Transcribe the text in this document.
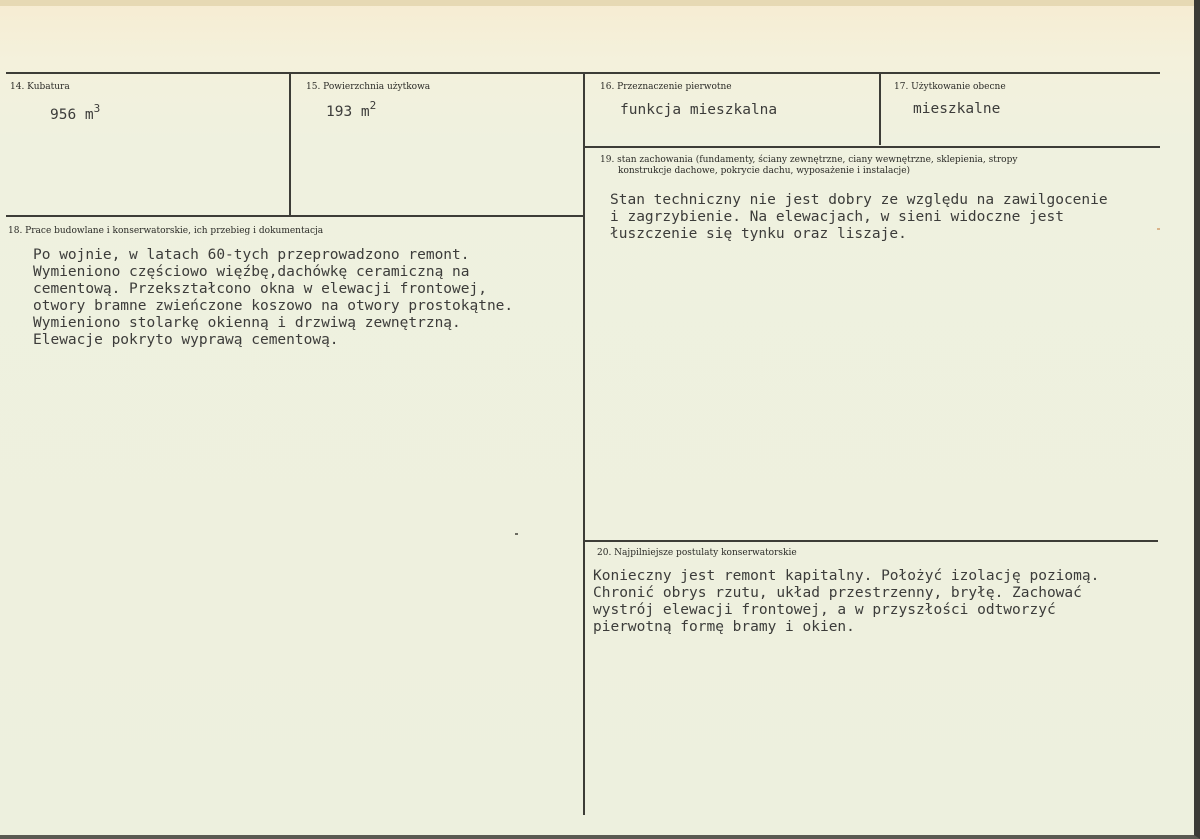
14. Kubatura
956 $m^3$
15. Powierzchnia użytkowa
193 $m^2$
16. Przeznaczenie pierwotne
funkcja mieszkalna
17. Użytkowanie obecne
mieszkalne
18. Prace budowlane i konserwatorskie, ich przebieg i dokumentacja
Po wojnie, w latach 60-tych przeprowadzono remont.
Wymieniono częściowo więźbę,dachówkę ceramiczną na
cementową. Przekształcono okna w elewacji frontowej,
otwory bramne zwieńczone koszowo na otwory prostokątne.
Wymieniono stolarkę okienną i drzwiwą zewnętrzną.
Elewacje pokryto wyprawą cementową.
19. stan zachowania (fundamenty, ściany zewnętrzne, ciany wewnętrzne, sklepienia, stropy
konstrukcje dachowe, pokrycie dachu, wyposażenie i instalacje)
Stan techniczny nie jest dobry ze względu na zawilgocenie
i zagrzybienie. Na elewacjach, w sieni widoczne jest
łuszczenie się tynku oraz liszaje.
20. Najpilniejsze postulaty konserwatorskie
Konieczny jest remont kapitalny. Położyć izolację poziomą.
Chronić obrys rzutu, układ przestrzenny, bryłę. Zachować
wystrój elewacji frontowej, a w przyszłości odtworzyć
pierwotną formę bramy i okien.
